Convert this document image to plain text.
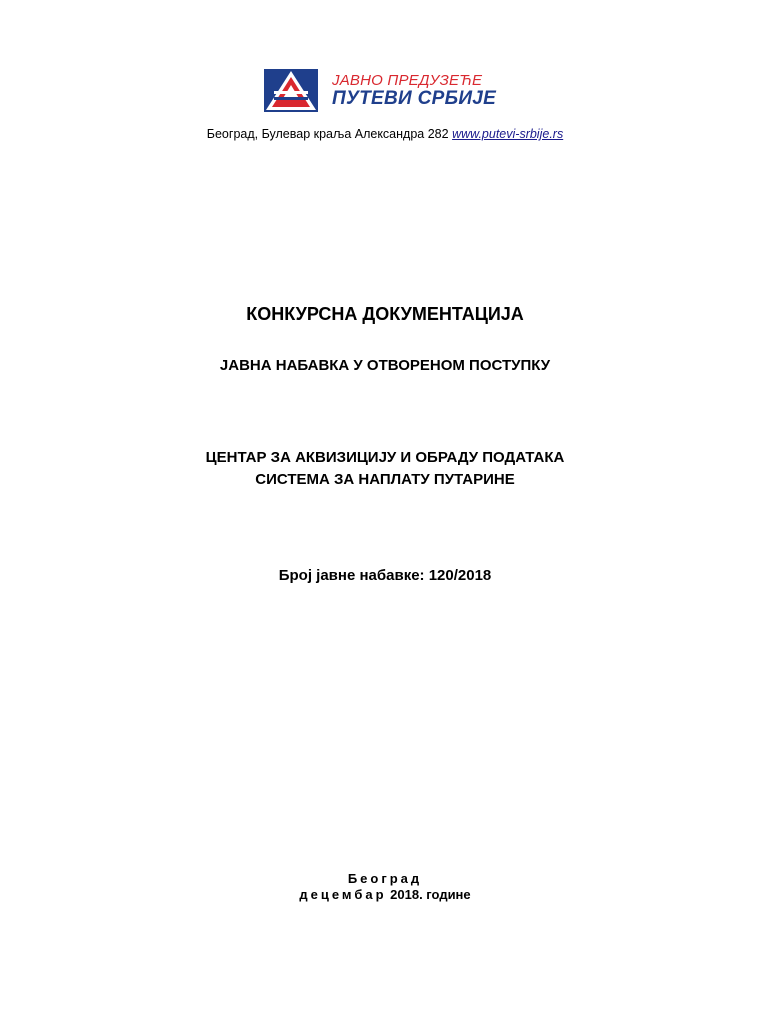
ЈАВНО ПРЕДУЗЕЋЕ
ПУТЕВИ СРБИЈЕ
Београд, Булевар краља Александра 282 www.putevi-srbije.rs
КОНКУРСНА ДОКУМЕНТАЦИЈА
ЈАВНА НАБАВКА У ОТВОРЕНОМ ПОСТУПКУ
ЦЕНТАР ЗА АКВИЗИЦИЈУ И ОБРАДУ ПОДАТАКА
СИСТЕМА ЗА НАПЛАТУ ПУТАРИНЕ
Број јавне набавке: 120/2018
Београд
децембар 2018. године
